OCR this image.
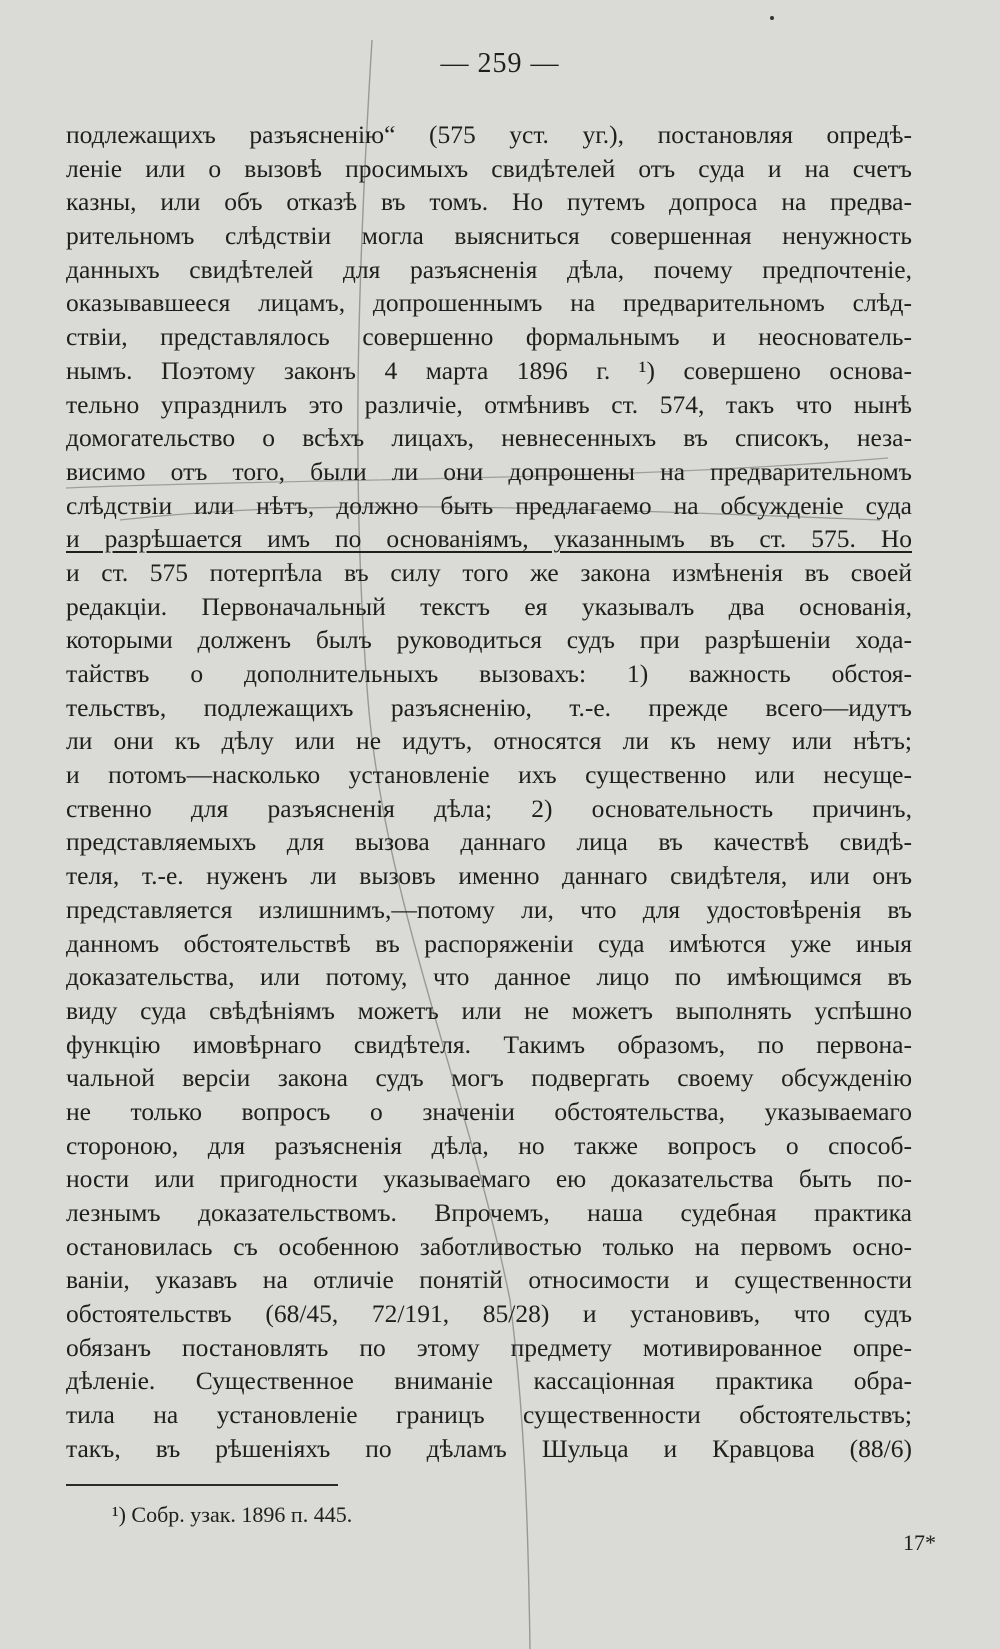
— 259 —
подлежащихъ разъясненію“ (575 уст. уг.), постановляя опредѣ-
леніе или о вызовѣ просимыхъ свидѣтелей отъ суда и на счетъ
казны, или объ отказѣ въ томъ. Но путемъ допроса на предва-
рительномъ слѣдствіи могла выясниться совершенная ненужность
данныхъ свидѣтелей для разъясненія дѣла, почему предпочтеніе,
оказывавшееся лицамъ, допрошеннымъ на предварительномъ слѣд-
ствіи, представлялось совершенно формальнымъ и неоснователь-
нымъ. Поэтому законъ 4 марта 1896 г. ¹) совершено основа-
тельно упразднилъ это различіе, отмѣнивъ ст. 574, такъ что нынѣ
домогательство о всѣхъ лицахъ, невнесенныхъ въ списокъ, неза-
висимо отъ того, были ли они допрошены на предварительномъ
слѣдствіи или нѣтъ, должно быть предлагаемо на обсужденіе суда
и разрѣшается имъ по основаніямъ, указаннымъ въ ст. 575. Но
и ст. 575 потерпѣла въ силу того же закона измѣненія въ своей
редакціи. Первоначальный текстъ ея указывалъ два основанія,
которыми долженъ былъ руководиться судъ при разрѣшеніи хода-
тайствъ о дополнительныхъ вызовахъ: 1) важность обстоя-
тельствъ, подлежащихъ разъясненію, т.-е. прежде всего—идутъ
ли они къ дѣлу или не идутъ, относятся ли къ нему или нѣтъ;
и потомъ—насколько установленіе ихъ существенно или несуще-
ственно для разъясненія дѣла; 2) основательность причинъ,
представляемыхъ для вызова даннаго лица въ качествѣ свидѣ-
теля, т.-е. нуженъ ли вызовъ именно даннаго свидѣтеля, или онъ
представляется излишнимъ,—потому ли, что для удостовѣренія въ
данномъ обстоятельствѣ въ распоряженіи суда имѣются уже иныя
доказательства, или потому, что данное лицо по имѣющимся въ
виду суда свѣдѣніямъ можетъ или не можетъ выполнять успѣшно
функцію имовѣрнаго свидѣтеля. Такимъ образомъ, по первона-
чальной версіи закона судъ могъ подвергать своему обсужденію
не только вопросъ о значеніи обстоятельства, указываемаго
стороною, для разъясненія дѣла, но также вопросъ о способ-
ности или пригодности указываемаго ею доказательства быть по-
лезнымъ доказательствомъ. Впрочемъ, наша судебная практика
остановилась съ особенною заботливостью только на первомъ осно-
ваніи, указавъ на отличіе понятій относимости и существенности
обстоятельствъ (68/45, 72/191, 85/28) и установивъ, что судъ
обязанъ постановлять по этому предмету мотивированное опре-
дѣленіе. Существенное вниманіе кассаціонная практика обра-
тила на установленіе границъ существенности обстоятельствъ;
такъ, въ рѣшеніяхъ по дѣламъ Шульца и Кравцова (88/6)
¹) Собр. узак. 1896 п. 445.
17*
